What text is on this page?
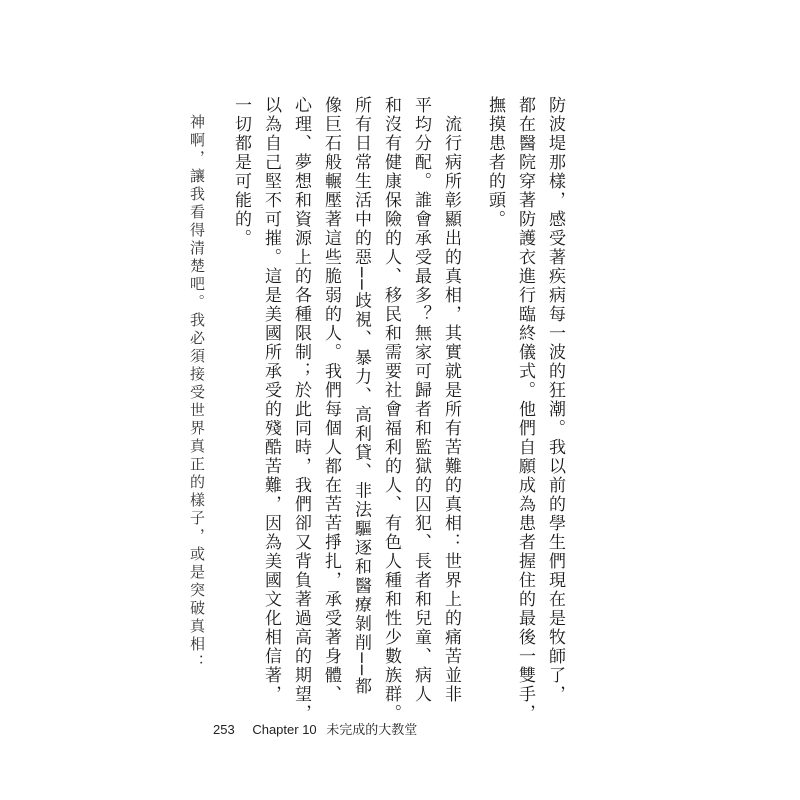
防波堤那樣，感受著疾病每一波的狂潮。我以前的學生們現在是牧師了，
都在醫院穿著防護衣進行臨終儀式。他們自願成為患者握住的最後一雙手，
撫摸患者的頭。
　流行病所彰顯出的真相，其實就是所有苦難的真相：世界上的痛苦並非
平均分配。誰會承受最多？無家可歸者和監獄的囚犯、長者和兒童、病人
和沒有健康保險的人、移民和需要社會福利的人、有色人種和性少數族群。
所有日常生活中的惡──歧視、暴力、高利貸、非法驅逐和醫療剝削──都
像巨石般輾壓著這些脆弱的人。我們每個人都在苦苦掙扎，承受著身體、
心理、夢想和資源上的各種限制；於此同時，我們卻又背負著過高的期望，
以為自己堅不可摧。這是美國所承受的殘酷苦難，因為美國文化相信著，
一切都是可能的。
　神啊，讓我看得清楚吧。我必須接受世界真正的樣子，或是突破真相：
253 Chapter 10 未完成的大教堂
